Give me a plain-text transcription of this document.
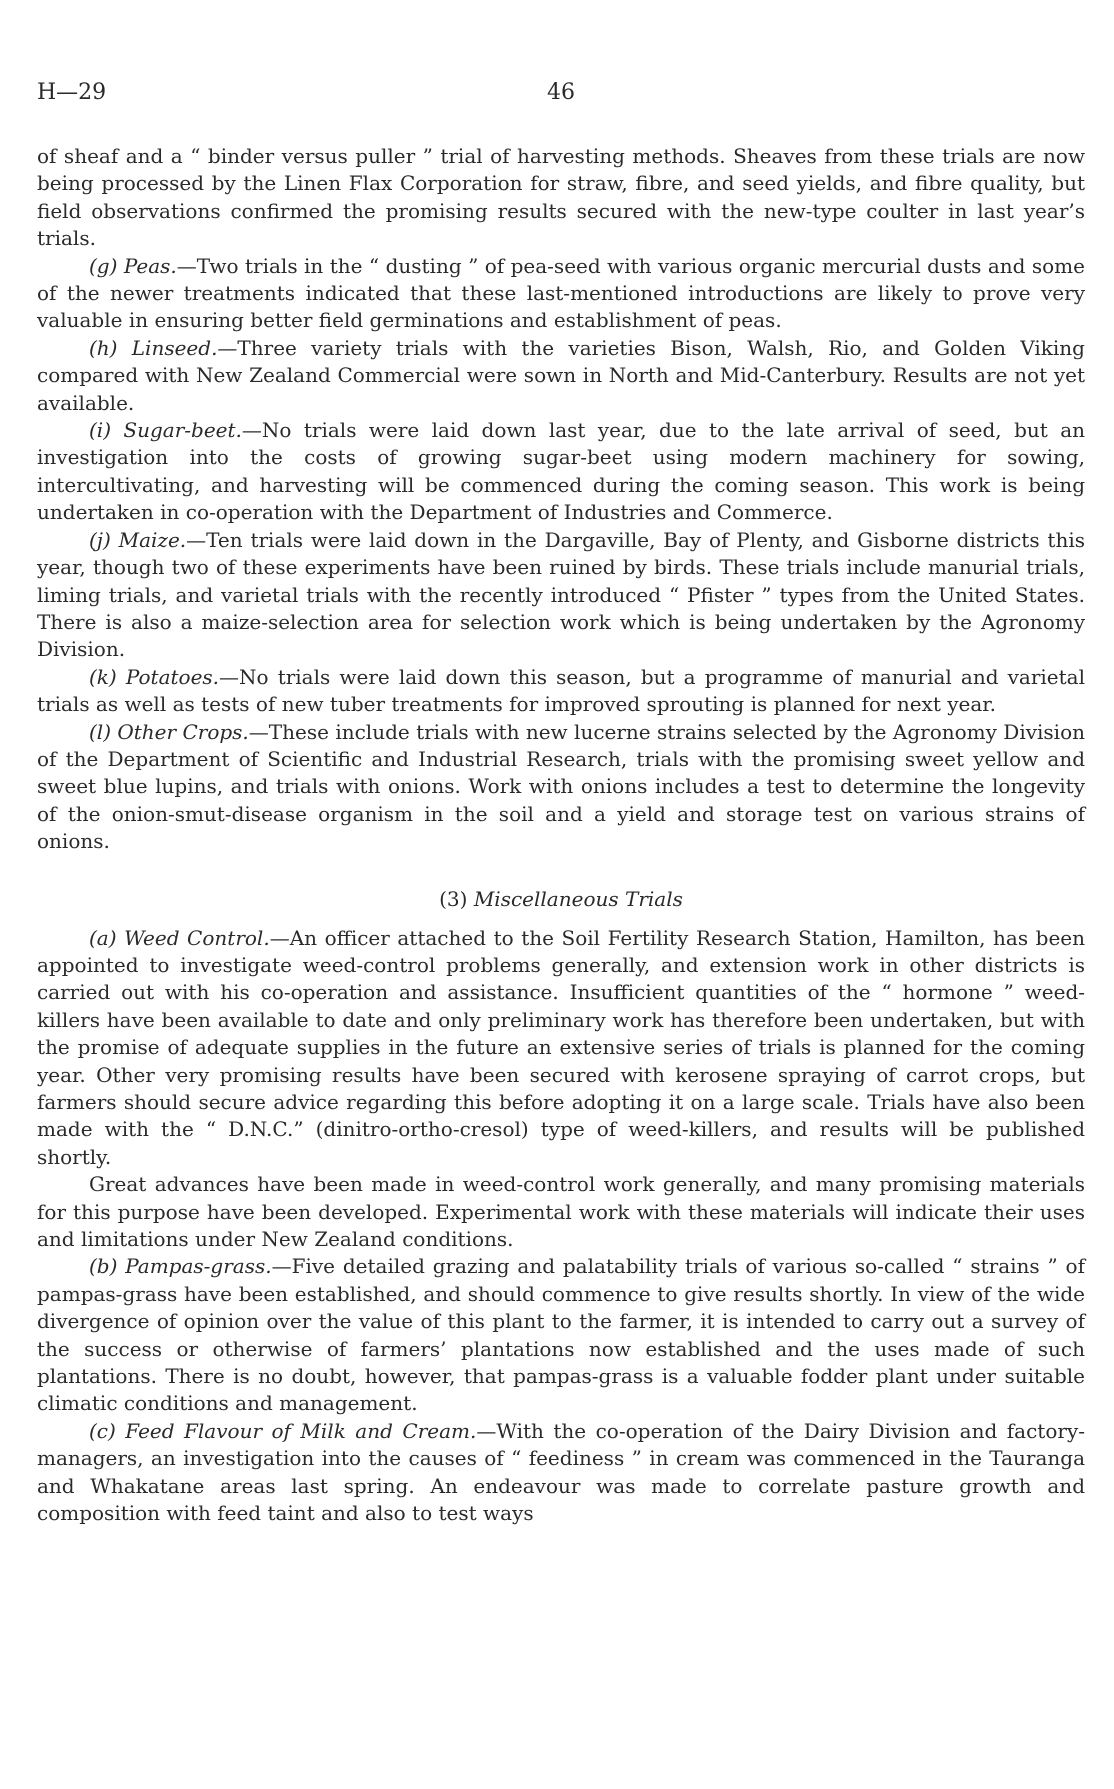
H—29	46

of sheaf and a “ binder versus puller ” trial of harvesting methods. Sheaves from these trials are now being processed by the Linen Flax Corporation for straw, fibre, and seed yields, and fibre quality, but field observations confirmed the promising results secured with the new-type coulter in last year’s trials.

(g) Peas.—Two trials in the “ dusting ” of pea-seed with various organic mercurial dusts and some of the newer treatments indicated that these last-mentioned introductions are likely to prove very valuable in ensuring better field germinations and establishment of peas.

(h) Linseed.—Three variety trials with the varieties Bison, Walsh, Rio, and Golden Viking compared with New Zealand Commercial were sown in North and Mid-Canterbury. Results are not yet available.

(i) Sugar-beet.—No trials were laid down last year, due to the late arrival of seed, but an investigation into the costs of growing sugar-beet using modern machinery for sowing, intercultivating, and harvesting will be commenced during the coming season. This work is being undertaken in co-operation with the Department of Industries and Commerce.

(j) Maize.—Ten trials were laid down in the Dargaville, Bay of Plenty, and Gisborne districts this year, though two of these experiments have been ruined by birds. These trials include manurial trials, liming trials, and varietal trials with the recently introduced “ Pfister ” types from the United States. There is also a maize-selection area for selection work which is being undertaken by the Agronomy Division.

(k) Potatoes.—No trials were laid down this season, but a programme of manurial and varietal trials as well as tests of new tuber treatments for improved sprouting is planned for next year.

(l) Other Crops.—These include trials with new lucerne strains selected by the Agronomy Division of the Department of Scientific and Industrial Research, trials with the promising sweet yellow and sweet blue lupins, and trials with onions. Work with onions includes a test to determine the longevity of the onion-smut-disease organism in the soil and a yield and storage test on various strains of onions.

(3) Miscellaneous Trials

(a) Weed Control.—An officer attached to the Soil Fertility Research Station, Hamilton, has been appointed to investigate weed-control problems generally, and extension work in other districts is carried out with his co-operation and assistance. Insufficient quantities of the “ hormone ” weed-killers have been available to date and only preliminary work has therefore been undertaken, but with the promise of adequate supplies in the future an extensive series of trials is planned for the coming year. Other very promising results have been secured with kerosene spraying of carrot crops, but farmers should secure advice regarding this before adopting it on a large scale. Trials have also been made with the “ D.N.C.” (dinitro-ortho-cresol) type of weed-killers, and results will be published shortly.

Great advances have been made in weed-control work generally, and many promising materials for this purpose have been developed. Experimental work with these materials will indicate their uses and limitations under New Zealand conditions.

(b) Pampas-grass.—Five detailed grazing and palatability trials of various so-called “ strains ” of pampas-grass have been established, and should commence to give results shortly. In view of the wide divergence of opinion over the value of this plant to the farmer, it is intended to carry out a survey of the success or otherwise of farmers’ plantations now established and the uses made of such plantations. There is no doubt, however, that pampas-grass is a valuable fodder plant under suitable climatic conditions and management.

(c) Feed Flavour of Milk and Cream.—With the co-operation of the Dairy Division and factory-managers, an investigation into the causes of “ feediness ” in cream was commenced in the Tauranga and Whakatane areas last spring. An endeavour was made to correlate pasture growth and composition with feed taint and also to test ways
